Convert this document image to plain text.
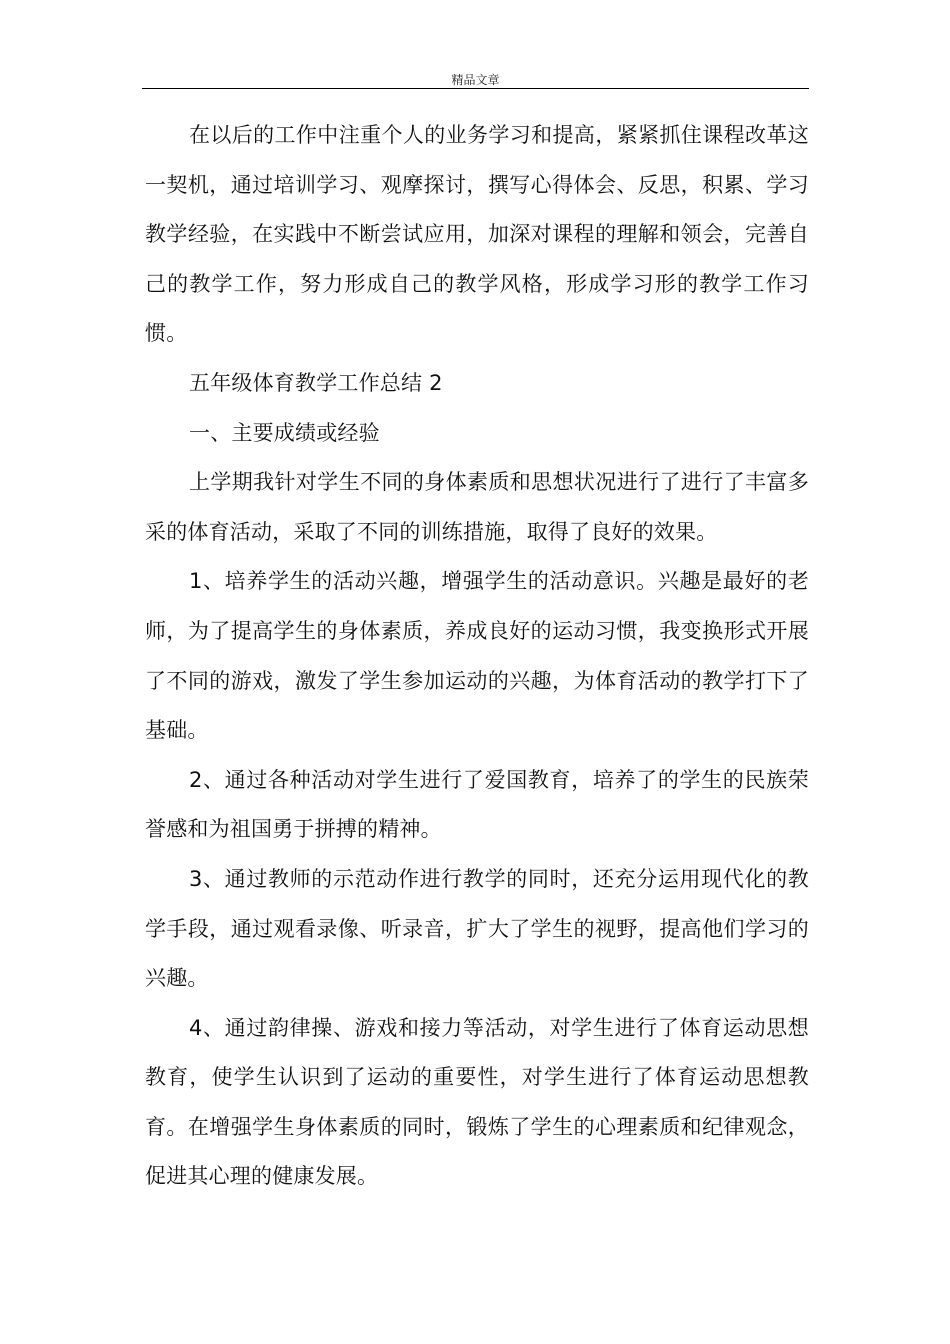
精品文章

在以后的工作中注重个人的业务学习和提高，紧紧抓住课程改革这一契机，通过培训学习、观摩探讨，撰写心得体会、反思，积累、学习教学经验，在实践中不断尝试应用，加深对课程的理解和领会，完善自己的教学工作，努力形成自己的教学风格，形成学习形的教学工作习惯。

五年级体育教学工作总结 2

一、主要成绩或经验

上学期我针对学生不同的身体素质和思想状况进行了进行了丰富多采的体育活动，采取了不同的训练措施，取得了良好的效果。

1、培养学生的活动兴趣，增强学生的活动意识。兴趣是最好的老师，为了提高学生的身体素质，养成良好的运动习惯，我变换形式开展了不同的游戏，激发了学生参加运动的兴趣，为体育活动的教学打下了基础。

2、通过各种活动对学生进行了爱国教育，培养了的学生的民族荣誉感和为祖国勇于拼搏的精神。

3、通过教师的示范动作进行教学的同时，还充分运用现代化的教学手段，通过观看录像、听录音，扩大了学生的视野，提高他们学习的兴趣。

4、通过韵律操、游戏和接力等活动，对学生进行了体育运动思想教育，使学生认识到了运动的重要性，对学生进行了体育运动思想教育。在增强学生身体素质的同时，锻炼了学生的心理素质和纪律观念，促进其心理的健康发展。
